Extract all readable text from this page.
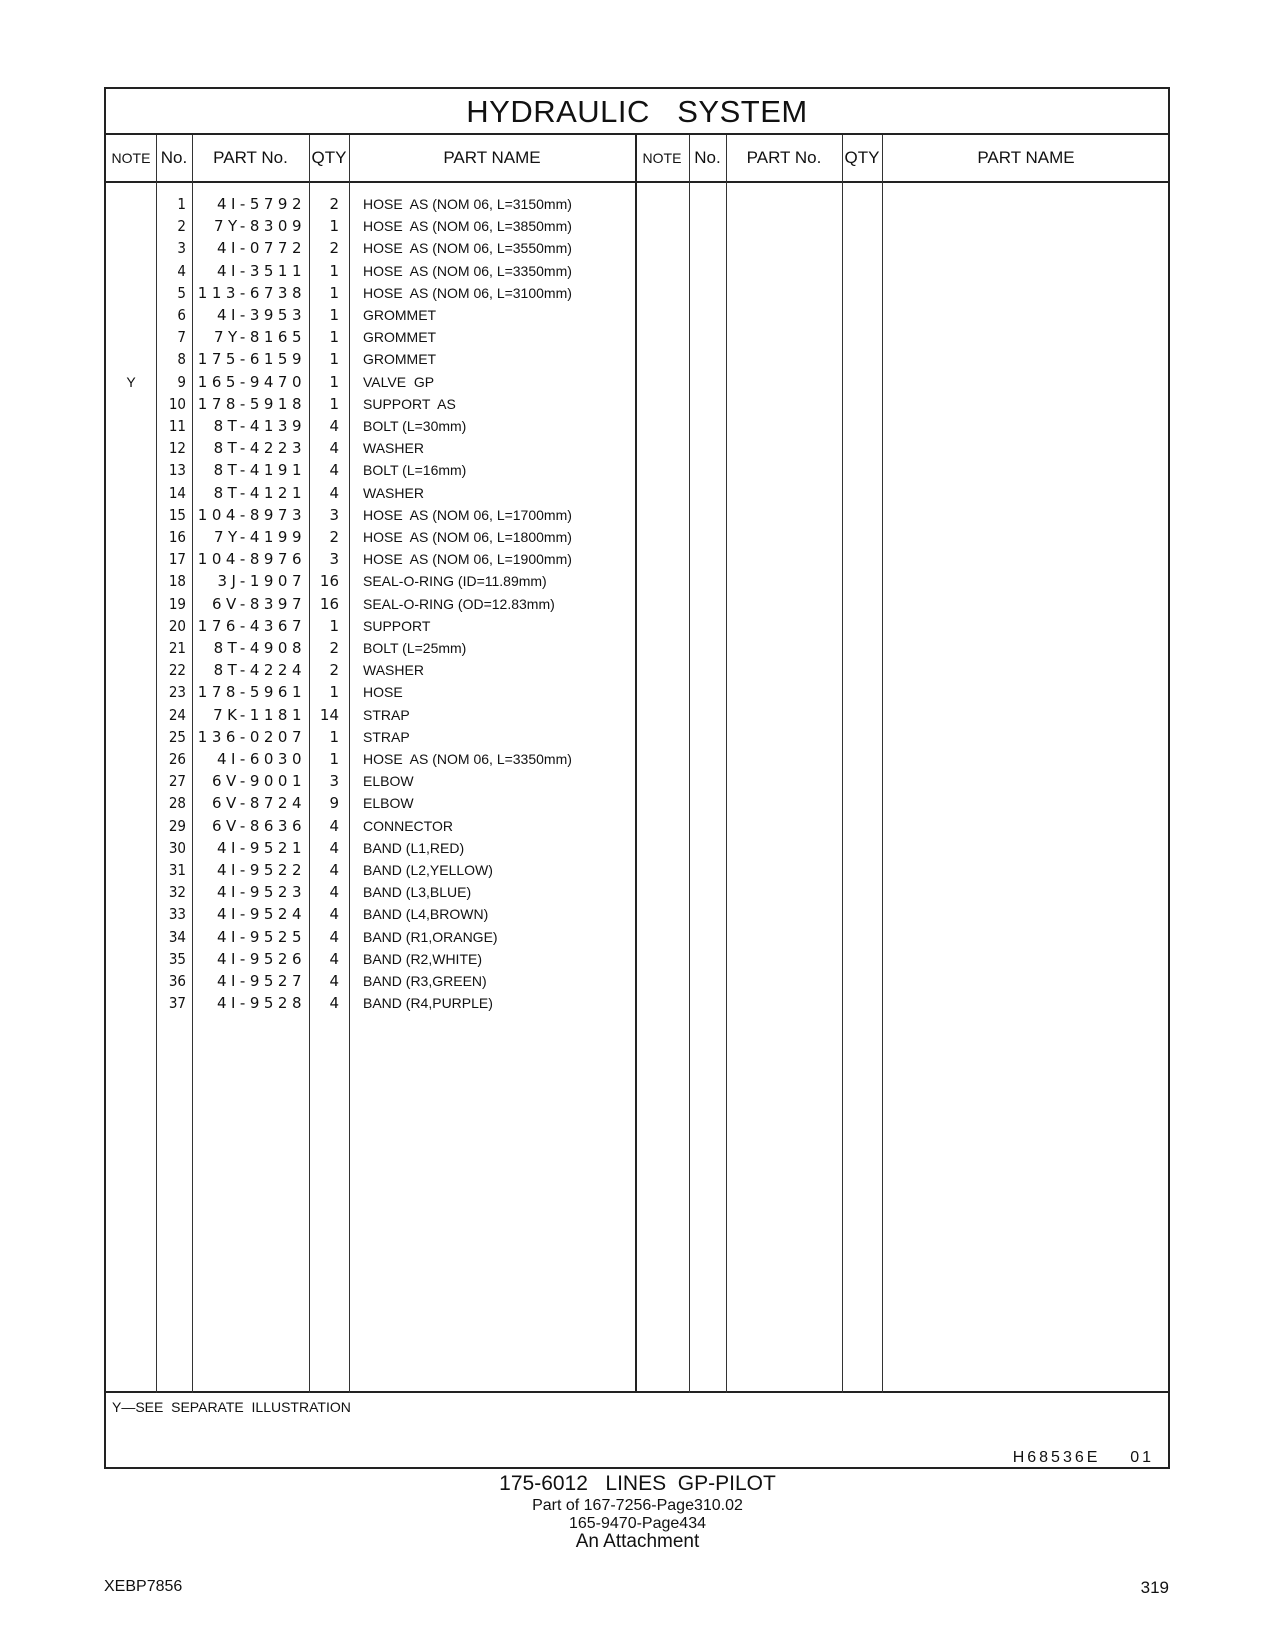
HYDRAULIC   SYSTEM
NOTE No.	PART No.	QTY	PART NAME	NOTE No.	PART No.	QTY	PART NAME
1	4I-5792	2 HOSE  AS (NOM 06, L=3150mm)
2	7Y-8309	1 HOSE  AS (NOM 06, L=3850mm)
3	4I-0772	2 HOSE  AS (NOM 06, L=3550mm)
4	4I-3511	1 HOSE  AS (NOM 06, L=3350mm)
5 113-6738	1 HOSE  AS (NOM 06, L=3100mm)
6	4I-3953	1 GROMMET
7	7Y-8165	1 GROMMET
8 175-6159	1 GROMMET
Y	9 165-9470	1 VALVE  GP
10 178-5918	1 SUPPORT  AS
11	8T-4139	4 BOLT (L=30mm)
12	8T-4223	4 WASHER
13	8T-4191	4 BOLT (L=16mm)
14	8T-4121	4 WASHER
15 104-8973	3 HOSE  AS (NOM 06, L=1700mm)
16	7Y-4199	2 HOSE  AS (NOM 06, L=1800mm)
17 104-8976	3 HOSE  AS (NOM 06, L=1900mm)
18	3J-1907 16 SEAL-O-RING (ID=11.89mm)
19	6V-8397 16 SEAL-O-RING (OD=12.83mm)
20 176-4367	1 SUPPORT
21	8T-4908	2 BOLT (L=25mm)
22	8T-4224	2 WASHER
23 178-5961	1 HOSE
24	7K-1181 14 STRAP
25 136-0207	1 STRAP
26	4I-6030	1 HOSE  AS (NOM 06, L=3350mm)
27	6V-9001	3 ELBOW
28	6V-8724	9 ELBOW
29	6V-8636	4 CONNECTOR
30	4I-9521	4 BAND (L1,RED)
31	4I-9522	4 BAND (L2,YELLOW)
32	4I-9523	4 BAND (L3,BLUE)
33	4I-9524	4 BAND (L4,BROWN)
34	4I-9525	4 BAND (R1,ORANGE)
35	4I-9526	4 BAND (R2,WHITE)
36	4I-9527	4 BAND (R3,GREEN)
37	4I-9528	4 BAND (R4,PURPLE)
Y—SEE  SEPARATE  ILLUSTRATION
H68536E    01
175-6012   LINES  GP-PILOT
Part of 167-7256-Page310.02
165-9470-Page434
An Attachment
XEBP7856	319
